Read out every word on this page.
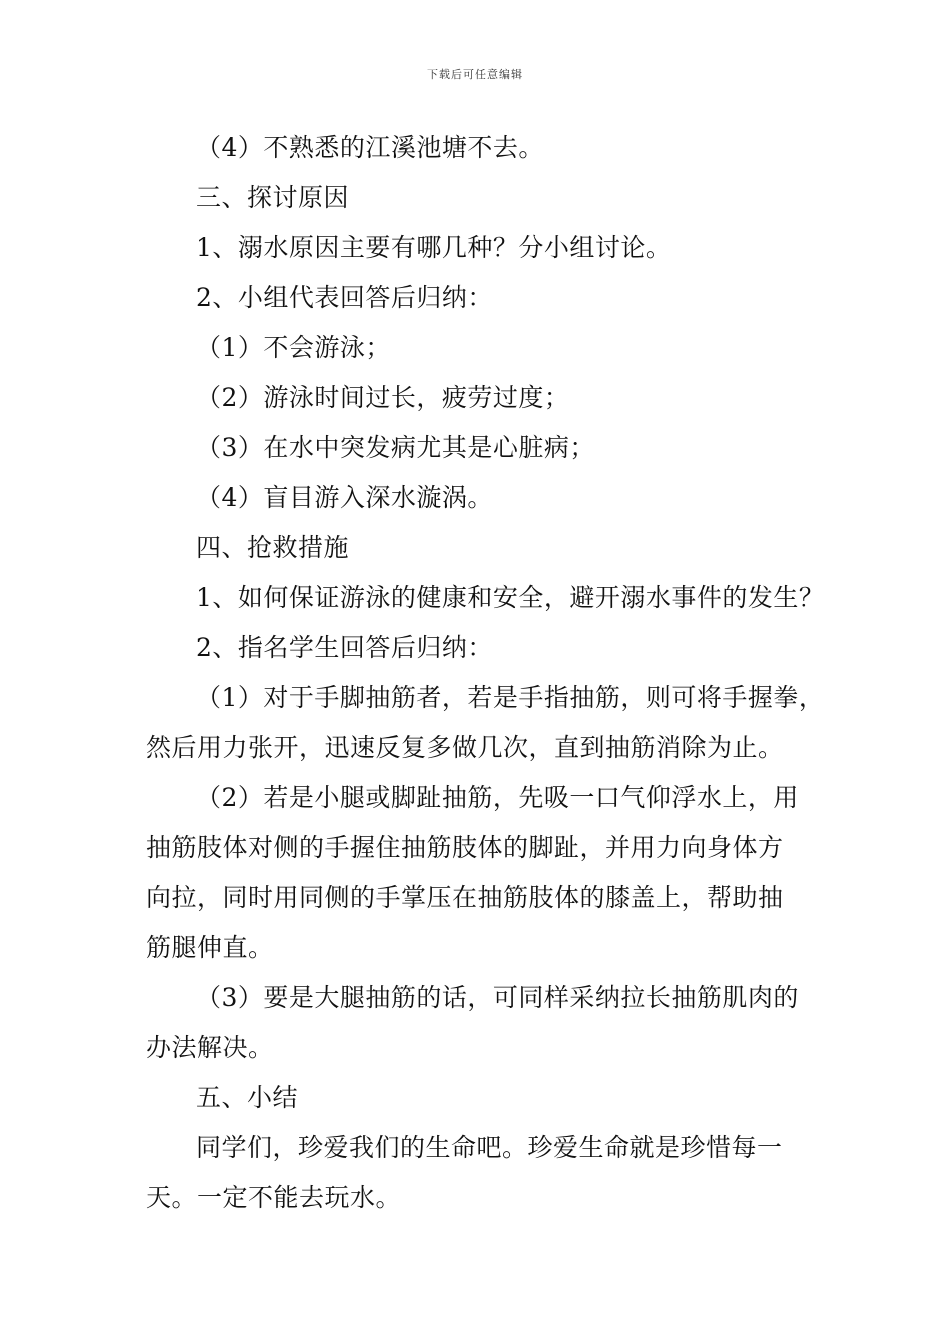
下载后可任意编辑
（4）不熟悉的江溪池塘不去。
三、探讨原因
1、溺水原因主要有哪几种？分小组讨论。
2、小组代表回答后归纳：
（1）不会游泳；
（2）游泳时间过长，疲劳过度；
（3）在水中突发病尤其是心脏病；
（4）盲目游入深水漩涡。
四、抢救措施
1、如何保证游泳的健康和安全，避开溺水事件的发生？
2、指名学生回答后归纳：
（1）对于手脚抽筋者，若是手指抽筋，则可将手握拳，
然后用力张开，迅速反复多做几次，直到抽筋消除为止。
（2）若是小腿或脚趾抽筋，先吸一口气仰浮水上，用
抽筋肢体对侧的手握住抽筋肢体的脚趾，并用力向身体方
向拉，同时用同侧的手掌压在抽筋肢体的膝盖上，帮助抽
筋腿伸直。
（3）要是大腿抽筋的话，可同样采纳拉长抽筋肌肉的
办法解决。
五、小结
同学们，珍爱我们的生命吧。珍爱生命就是珍惜每一
天。一定不能去玩水。
